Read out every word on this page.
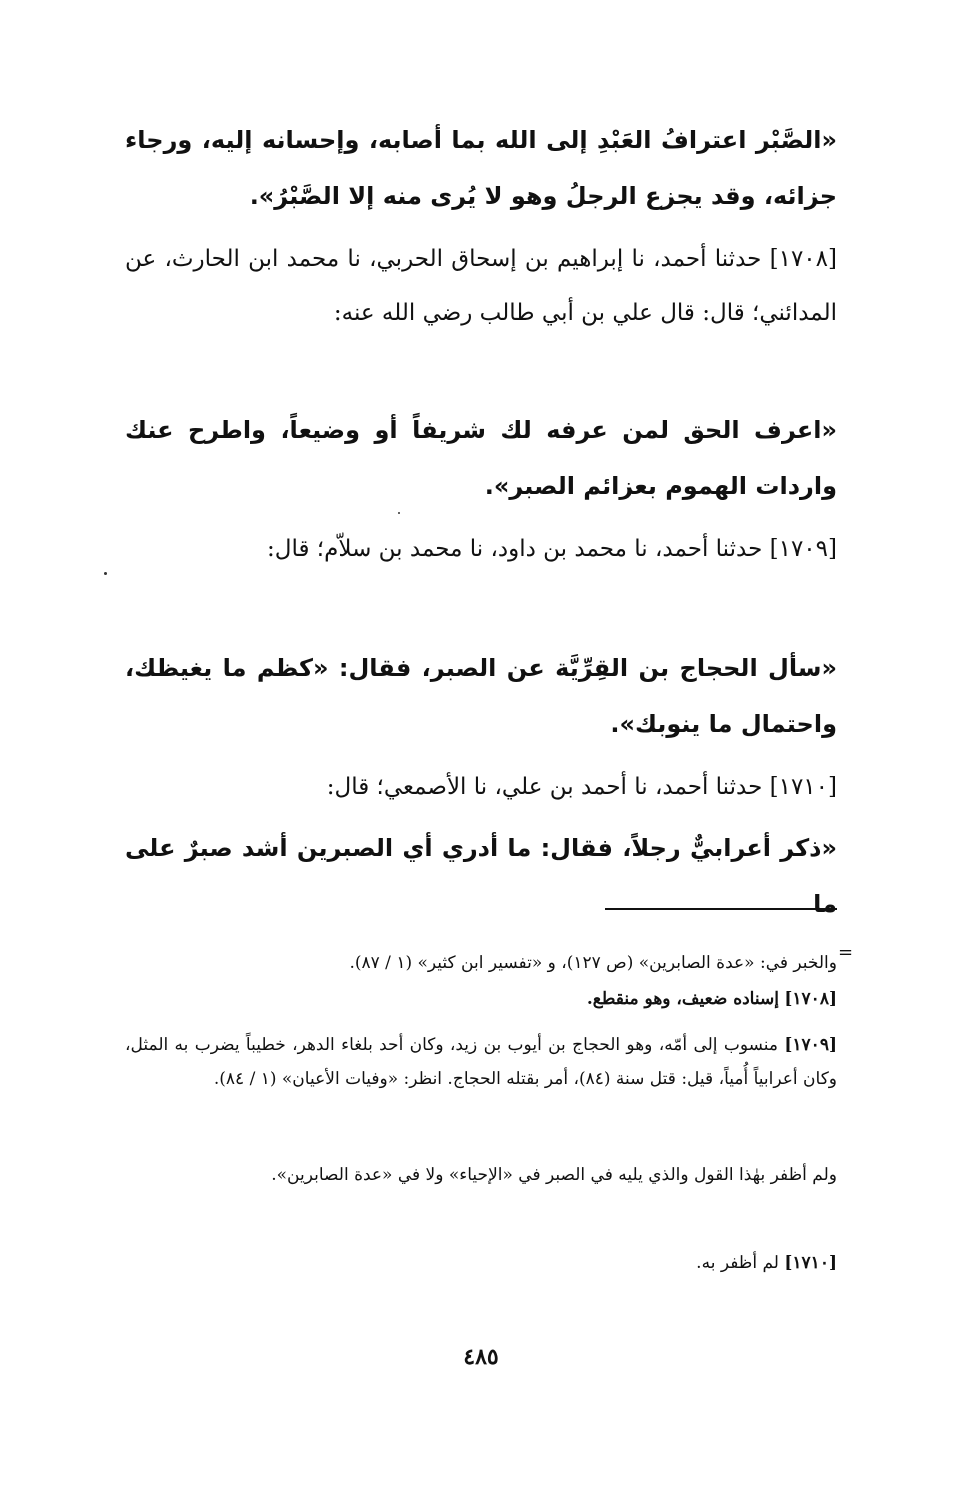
«الصَّبْر اعترافُ العَبْدِ إلى الله بما أصابه، وإحسانه إليه، ورجاء جزائه، وقد يجزع الرجلُ وهو لا يُرى منه إلا الصَّبْرُ».

[١٧٠٨] حدثنا أحمد، نا إبراهيم بن إسحاق الحربي، نا محمد ابن الحارث، عن المدائني؛ قال: قال علي بن أبي طالب رضي الله عنه:

«اعرف الحق لمن عرفه لك شريفاً أو وضيعاً، واطرح عنك واردات الهموم بعزائم الصبر».

[١٧٠٩] حدثنا أحمد، نا محمد بن داود، نا محمد بن سلاّم؛ قال:

«سأل الحجاج بن القِرِّيَّة عن الصبر، فقال: «كظم ما يغيظك، واحتمال ما ينوبك».

[١٧١٠] حدثنا أحمد، نا أحمد بن علي، نا الأصمعي؛ قال:

«ذكر أعرابيٌّ رجلاً، فقال: ما أدري أي الصبرين أشد صبرٌ على ما

=

والخبر في: «عدة الصابرين» (ص ١٢٧)، و «تفسير ابن كثير» (١ / ٨٧).

[١٧٠٨] إسناده ضعيف، وهو منقطع.

[١٧٠٩] منسوب إلى أمّه، وهو الحجاج بن أيوب بن زيد، وكان أحد بلغاء الدهر، خطيباً يضرب به المثل، وكان أعرابياً أُمياً، قيل: قتل سنة (٨٤)، أمر بقتله الحجاج. انظر: «وفيات الأعيان» (١ / ٨٤).

ولم أظفر بهٰذا القول والذي يليه في الصبر في «الإحياء» ولا في «عدة الصابرين».

[١٧١٠] لم أظفر به.

٤٨٥
